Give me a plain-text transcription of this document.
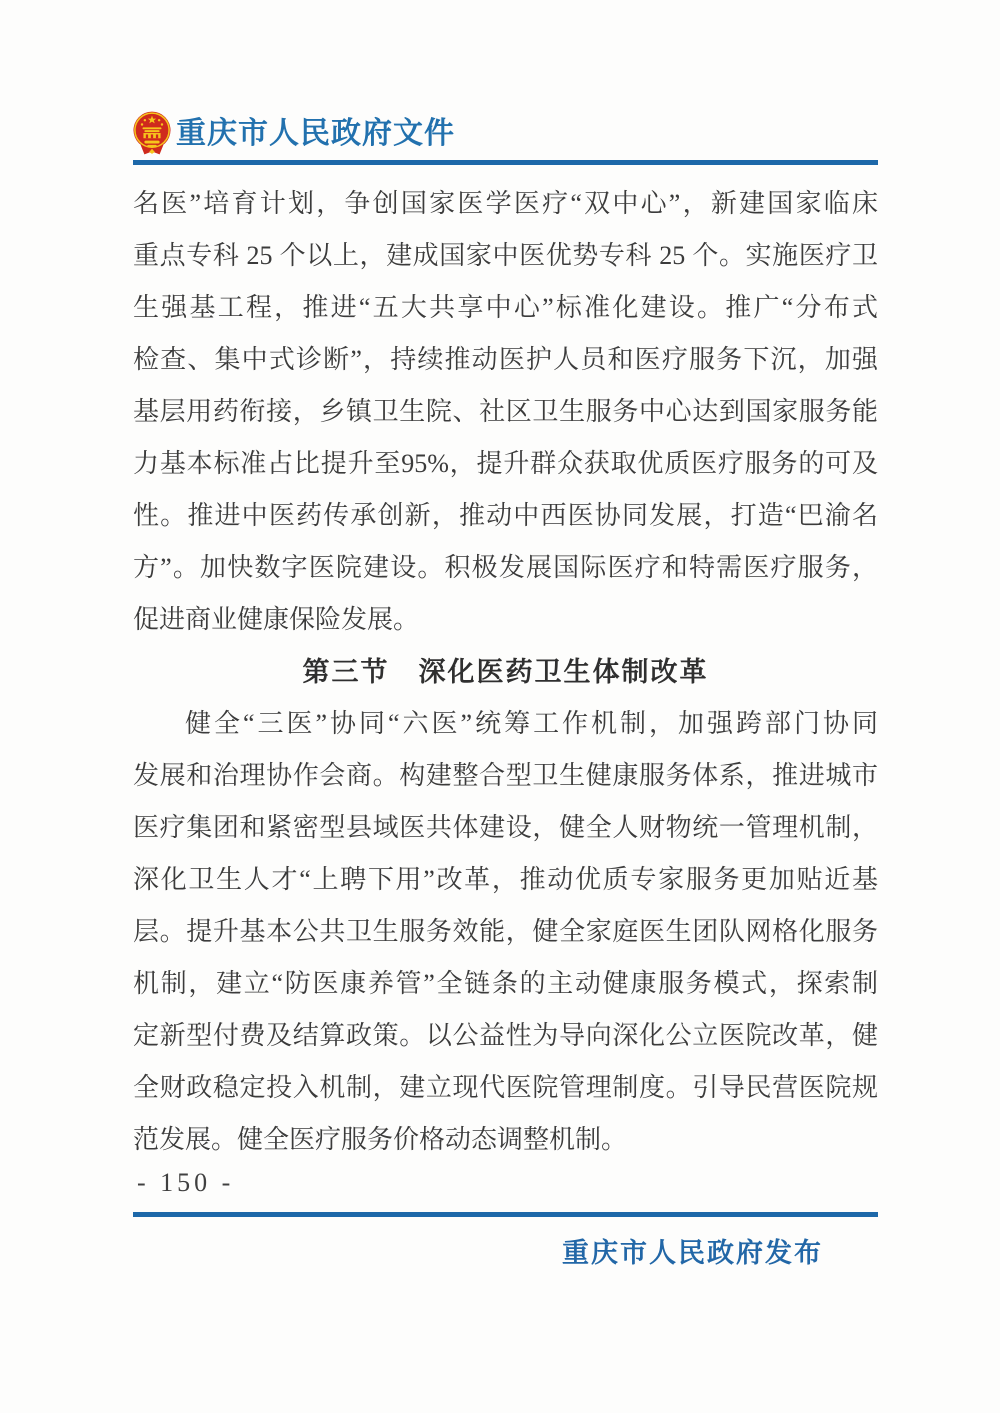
重庆市人民政府文件
名医”培育计划，争创国家医学医疗“双中心”，新建国家临床
重点专科 25 个以上，建成国家中医优势专科 25 个。实施医疗卫
生强基工程，推进“五大共享中心”标准化建设。推广“分布式
检查、集中式诊断”，持续推动医护人员和医疗服务下沉，加强
基层用药衔接，乡镇卫生院、社区卫生服务中心达到国家服务能
力基本标准占比提升至95%，提升群众获取优质医疗服务的可及
性。推进中医药传承创新，推动中西医协同发展，打造“巴渝名
方”。加快数字医院建设。积极发展国际医疗和特需医疗服务，
促进商业健康保险发展。
第三节　深化医药卫生体制改革
健全“三医”协同“六医”统筹工作机制，加强跨部门协同
发展和治理协作会商。构建整合型卫生健康服务体系，推进城市
医疗集团和紧密型县域医共体建设，健全人财物统一管理机制，
深化卫生人才“上聘下用”改革，推动优质专家服务更加贴近基
层。提升基本公共卫生服务效能，健全家庭医生团队网格化服务
机制，建立“防医康养管”全链条的主动健康服务模式，探索制
定新型付费及结算政策。以公益性为导向深化公立医院改革，健
全财政稳定投入机制，建立现代医院管理制度。引导民营医院规
范发展。健全医疗服务价格动态调整机制。
- 150 -
重庆市人民政府发布
